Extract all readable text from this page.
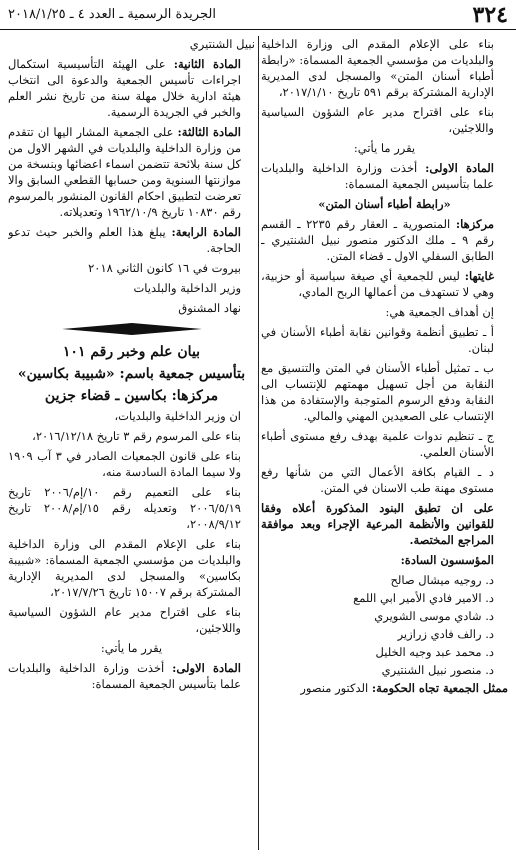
٣٢٤
الجريدة الرسمية ـ العدد ٤ ـ ٢٠١٨/١/٢٥
بناء على الإعلام المقدم الى وزارة الداخلية والبلديات من مؤسسي الجمعية المسماة: «رابطة أطباء أسنان المتن» والمسجل لدى المديرية الإدارية المشتركة برقم ٥٩١ تاريخ ٢٠١٧/١/١٠،
بناء على اقتراح مدير عام الشؤون السياسية واللاجئين،
يقرر ما يأتي:
المادة الاولى: أخذت وزارة الداخلية والبلديات علما بتأسيس الجمعية المسماة:
«رابطة أطباء أسنان المتن»
مركزها: المنصورية ـ العقار رقم ٢٢٣٥ ـ القسم رقم ٩ ـ ملك الدكتور منصور نبيل الشنتيري ـ الطابق السفلي الاول ـ قضاء المتن.
غايتها: ليس للجمعية أي صيغة سياسية أو حزبية، وهي لا تستهدف من أعمالها الربح المادي،
إن أهداف الجمعية هي:
أ ـ تطبيق أنظمة وقوانين نقابة أطباء الأسنان في لبنان.
ب ـ تمثيل أطباء الأسنان في المتن والتنسيق مع النقابة من أجل تسهيل مهمتهم للإنتساب الى النقابة ودفع الرسوم المتوجبة والإستفادة من هذا الإنتساب على الصعيدين المهني والمالي.
ج ـ تنظيم ندوات علمية بهدف رفع مستوى أطباء الأسنان العلمي.
د ـ القيام بكافة الأعمال التي من شأنها رفع مستوى مهنة طب الاسنان في المتن.
على ان تطبق البنود المذكورة أعلاه وفقا للقوانين والأنظمة المرعية الإجراء وبعد موافقة المراجع المختصة.
المؤسسون السادة:
د. روجيه ميشال صالح
د. الامير فادي الأمير ابي اللمع
د. شادي موسى الشويري
د. رالف فادي زرازير
د. محمد عبد وجيه الخليل
د. منصور نبيل الشنتيري
ممثل الجمعية تجاه الحكومة: الدكتور منصور
نبيل الشنتيري
المادة الثانية: على الهيئة التأسيسية استكمال اجراءات تأسيس الجمعية والدعوة الى انتخاب هيئة ادارية خلال مهلة سنة من تاريخ نشر العلم والخبر في الجريدة الرسمية.
المادة الثالثة: على الجمعية المشار اليها ان تتقدم من وزارة الداخلية والبلديات في الشهر الاول من كل سنة بلائحة تتضمن اسماء اعضائها وبنسخة من موازنتها السنوية ومن حسابها القطعي السابق والا تعرضت لتطبيق احكام القانون المنشور بالمرسوم رقم ١٠٨٣٠ تاريخ ١٩٦٢/١٠/٩ وتعديلاته.
المادة الرابعة: يبلغ هذا العلم والخبر حيث تدعو الحاجة.
بيروت في ١٦ كانون الثاني ٢٠١٨
وزير الداخلية والبلديات
نهاد المشنوق
بيان علم وخبر رقم ١٠١
بتأسيس جمعية باسم: «شبيبة بكاسين»
مركزها: بكاسين ـ قضاء جزين
ان وزير الداخلية والبلديات،
بناء على المرسوم رقم ٣ تاريخ ٢٠١٦/١٢/١٨،
بناء على قانون الجمعيات الصادر في ٣ آب ١٩٠٩ ولا سيما المادة السادسة منه،
بناء على التعميم رقم ١٠/إم/٢٠٠٦ تاريخ ٢٠٠٦/٥/١٩ وتعديله رقم ١٥/إم/٢٠٠٨ تاريخ ٢٠٠٨/٩/١٢،
بناء على الإعلام المقدم الى وزارة الداخلية والبلديات من مؤسسي الجمعية المسماة: «شبيبة بكاسين» والمسجل لدى المديرية الإدارية المشتركة برقم ١٥٠٠٧ تاريخ ٢٠١٧/٧/٢٦،
بناء على اقتراح مدير عام الشؤون السياسية واللاجئين،
يقرر ما يأتي:
المادة الاولى: أخذت وزارة الداخلية والبلديات علما بتأسيس الجمعية المسماة:
